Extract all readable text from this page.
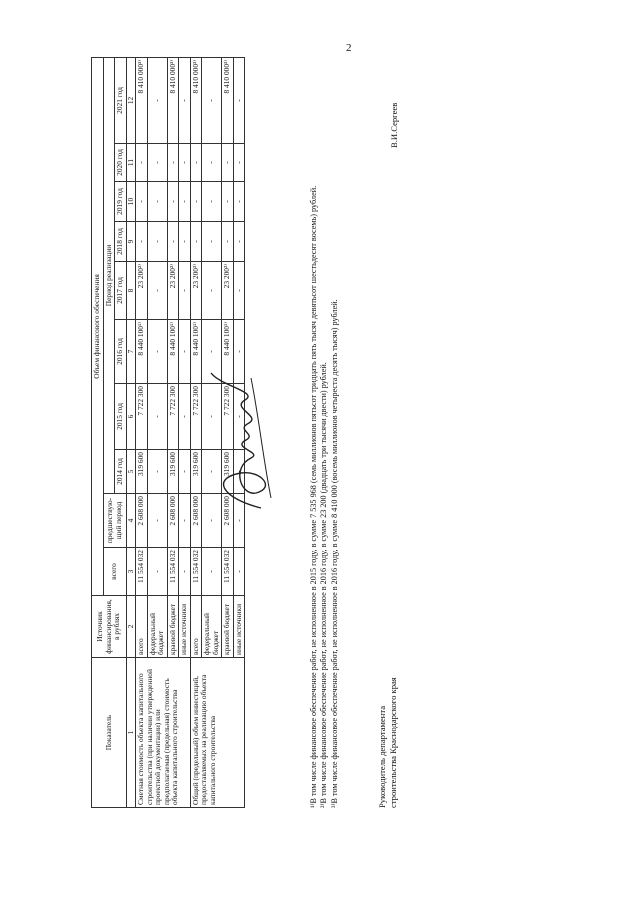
2
Показатель	Источник финансирования, в рублях	Объем финансового обеспечения									
		всего	предшествую-щий период	Период реализации							
				2014 год	2015 год	2016 год	2017 год	2018 год	2019 год	2020 год	2021 год
1	2	3	4	5	6	7	8	9	10	11	12
Сметная стоимость объекта капитального строительства (при наличии утвержденной проектной документации) или предполагаемая (предельная) стоимость объекта капитального строительства	всего	11 554 032	2 608 000	319 600	7 722 300	8 440 100¹⁾	23 200²⁾	-	-	-	8 410 000³⁾
	федеральный бюджет	-	-	-	-	-	-	-	-	-	-
	краевой бюджет	11 554 032	2 608 000	319 600	7 722 300	8 440 100¹⁾	23 200²⁾	-	-	-	8 410 000³⁾
	иные источники	-	-	-	-	-	-	-	-	-	-
Общий (предельный) объем инвестиций, предоставляемых на реализацию объекта капитального строительства	всего	11 554 032	2 608 000	319 600	7 722 300	8 440 100¹⁾	23 200²⁾	-	-	-	8 410 000³⁾
	федеральный бюджет	-	-	-	-	-	-	-	-	-	-
	краевой бюджет	11 554 032	2 608 000	319 600	7 722 300	8 440 100¹⁾	23 200²⁾	-	-	-	8 410 000³⁾
	иные источники	-	-	-	-	-	-	-	-	-	-

¹⁾В том числе финансовое обеспечение работ, не исполненное в 2015 году, в сумме 7 535 968 (семь миллионов пятьсот тридцать пять тысяч девятьсот шестьдесят восемь) рублей. ²⁾В том числе финансовое обеспечение работ, не исполненное в 2016 году, в сумме 23 200 (двадцать три тысячи двести) рублей. ³⁾В том числе финансовое обеспечение работ, не исполненное в 2016 году, в сумме 8 410 000 (восемь миллионов четыреста десять тысяч) рублей.	Руководитель департамента строительства Краснодарского края
В.И.Сергеев
